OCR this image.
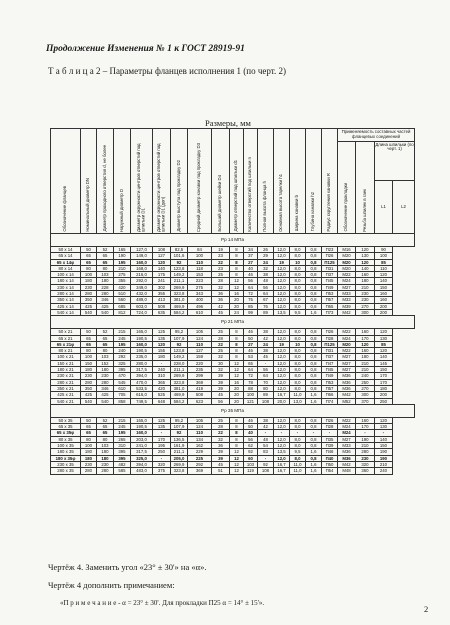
Продолжение Изменения № 1 к ГОСТ 28919-91
Т а б л и ц а 2 – Параметры фланцев исполнения 1 (по черт. 2)
Размеры, мм
Обозначение фланцев	Номинальный диаметр DN	Диаметр проходного отверстия d, не более	Наружный диаметр D	Диаметр окружности центров отверстий под шпильки D1	Диаметр окружности центров отверстий под шпильки D1 (доп)	Диаметр выступа под прокладку D2	Средний диаметр канавки под прокладку D3	Больший диаметр шейки D4	Диаметр отверстий под шпильки d1	Количество отверстий под шпильки n	Полная высота фланца h	Основная высота тарелки h1	Ширина канавки b	Глубина канавки h2	Радиус скругления канавки R	Применяемость составных частей фланцевых соединений			
																Обозначение прокладки	Резьба шпилек в гаек	Длина шпильки (по черт. 1)	
																		L1	L2
Pр 14 МПа																			
50 х 14	50	52	165	127,0	108	82,5	84	19	8	34	26	12,0	8,0	0,8	П23	M16	120	90	
65 х 14	65	65	190	149,0	127	101,6	100	23	8	37	29	12,0	8,0	0,8	П26	M20	130	100	
65 х 14φ	65	65	195	160,0	120	92	110	22	8	27	24	19	10	0,8	П125	M20	120	85	
80 х 14	80	80	210	168,0	140	123,8	118	23	8	40	32	12,0	8,0	0,8	П31	M20	140	110	
100 х 14	100	103	275	216,0	175	149,2	153	25	8	46	38	12,0	8,0	0,8	П37	M22	160	120	
180 х 14	180	180	355	292,0	241	211,1	223	28	12	56	48	12,0	8,0	0,8	П45	M24	180	140	
230 х 14	230	228	420	349,0	302	269,9	275	32	12	64	56	12,0	8,0	0,8	П49	M27	210	150	
280 х 14	280	280	510	432,0	355	323,8	343	36	16	72	64	12,0	8,0	0,8	П53	M33	230	160	
350 х 14	350	346	560	489,0	413	381,0	400	36	20	75	67	12,0	8,0	0,8	П57	M33	230	160	
425 х 14	425	425	685	603,0	508	469,9	496	42	20	85	76	12,0	8,0	0,8	П65	M39	270	200	
540 х 14	540	540	812	724,0	635	584,2	610	45	24	99	89	13,5	9,5	1,6	П73	M42	300	200	
Pр 21 МПа																			
50 х 21	50	52	215	165,0	125	95,2	105	25	8	46	38	12,0	8,0	0,8	П26	M22	160	120	
65 х 21	65	65	245	190,5	135	107,9	124	28	8	50	42	12,0	8,0	0,8	П28	M24	170	130	
65 х 21φ	65	65	195	160,0	120	92	110	22	8	27	24	19	10	0,8	П125	M20	120	85	
80 х 21	80	80	240	190,5	155	123,8	127	25	8	46	38	12,0	8,0	0,8	П31	M22	160	120	
100 х 21	100	103	292	235,0	180	149,2	159	32	8	53	45	12,0	8,0	0,8	П37	M27	180	140	
150 х 21	150	152	325	280,0	-	228,0	220	30	12	65	-	12,0	8,0	0,8	П47	M27	210	145	
180 х 21	180	180	395	317,5	240	211,1	235	32	12	64	56	12,0	8,0	0,8	П45	M27	210	150	
230 х 21	230	230	470	394,0	310	269,9	299	39	12	72	64	12,0	8,0	0,8	П49	M36	240	170	
280 х 21	280	280	545	470,0	365	323,8	369	39	16	78	70	12,0	8,0	0,8	П53	M36	250	170	
350 х 21	350	346	610	533,5	420	381,0	419	39	20	88	80	12,0	8,0	0,8	П57	M36	270	180	
425 х 21	425	425	705	616,0	525	469,9	508	45	20	100	89	16,7	11,0	1,6	П66	M42	300	200	
540 х 21	540	540	858	749,5	648	584,2	623	56	20	121	108	20,0	13,0	1,6	П74	M52	370	250	
Pр 35 МПа																			
50 х 35	50	52	215	165,0	125	95,2	105	25	8	46	38	12,0	8,0	0,8	П26	M22	160	120	
65 х 35	65	65	245	190,5	135	107,9	124	28	8	50	42	12,0	8,0	0,8	П28	M24	170	130	
65 х 35φ	65	65	195	160,0	-	92	110	22	8	40	-	-	-	-	-	M24	-	-	
80 х 35	80	80	265	203,0	170	136,5	134	32	8	56	48	12,0	8,0	0,8	П35	M27	190	140	
100 х 35	100	103	310	241,0	195	161,9	162	36	8	62	54	12,0	8,0	0,8	П39	M33	210	150	
180 х 35	180	180	395	317,5	250	211,1	229	39	12	92	83	13,5	9,5	1,6	П46	M36	280	190	
180 х 35φ	180	180	395	325,0	-	205,0	225	39	12	60	-	12,0	8,0	0,8	П40	M36	230	190	
230 х 35	230	230	482	394,0	320	269,9	292	45	12	103	92	16,7	11,0	1,6	П50	M42	320	210	
280 х 35	280	280	585	483,0	375	323,8	369	51	12	119	108	16,7	11,0	1,6	П54	M48	360	240	
Чертёж 4. Заменить угол «23° ± 30'» на «α».
Чертёж 4 дополнить примечанием:
«П р и м е ч а н и е - α = 23° ± 30'. Для прокладки П25 α = 14° ± 15'».
2
